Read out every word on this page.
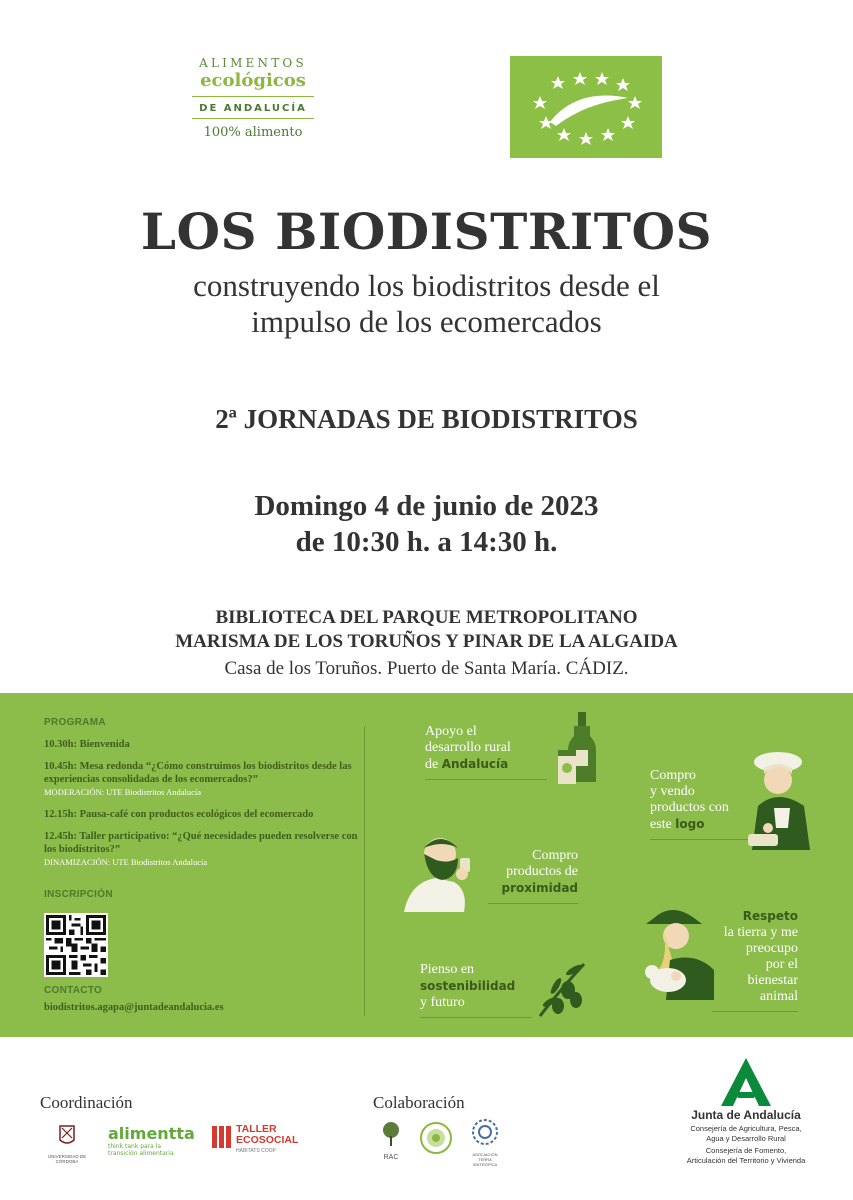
ALIMENTOS
ecológicos
DE ANDALUCÍA
100% alimento
LOS BIODISTRITOS
construyendo los biodistritos desde el
impulso de los ecomercados
2ª JORNADAS DE BIODISTRITOS
Domingo 4 de junio de 2023
de 10:30 h. a 14:30 h.
BIBLIOTECA DEL PARQUE METROPOLITANO
MARISMA DE LOS TORUÑOS Y PINAR DE LA ALGAIDA
Casa de los Toruños. Puerto de Santa María. CÁDIZ.

PROGRAMA

10.30h: Bienvenida

10.45h: Mesa redonda “¿Cómo construimos los biodistritos desde las experiencias consolidadas de los ecomercados?”
MODERACIÓN: UTE Biodistritos Andalucía

12.15h: Pausa-café con productos ecológicos del ecomercado

12.45h: Taller participativo: “¿Qué necesidades pueden resolverse con los biodistritos?”
DINAMIZACIÓN: UTE Biodistritos Andalucía

INSCRIPCIÓN

CONTACTO

biodistritos.agapa@juntadeandalucia.es

Apoyo el
desarrollo rural
de Andalucía
Compro
y vendo
productos con
este logo
Compro
productos de
proximidad
Respeto
la tierra y me
preocupo
por el
bienestar
animal
Pienso en
sostenibilidad
y futuro
Coordinación	Colaboración
UNIVERSIDAD DE CÓRDOBA
alimentta
think tank para la
transición alimentaria
TALLER
ECOSOCIAL
HÁBITATS COOP
RAC	ASOCIACIÓN TERRA SINTRÓPICA
Junta de Andalucía
Consejería de Agricultura, Pesca,
Agua y Desarrollo Rural
Consejería de Fomento,
Articulación del Territorio y Vivienda
